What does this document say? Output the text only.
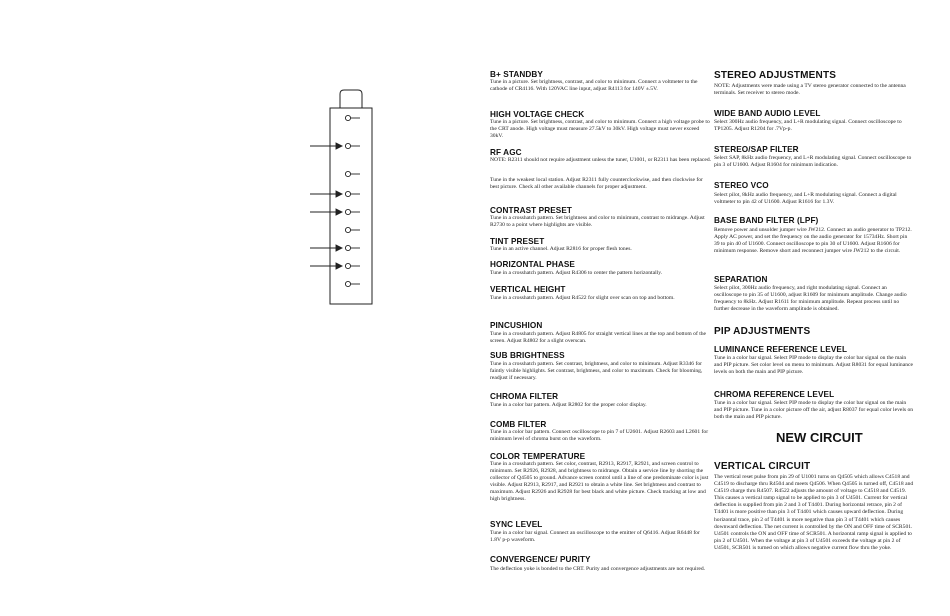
B+ STANDBY

Tune in a picture. Set brightness, contrast, and color to minimum. Connect a voltmeter to the cathode of CR4116. With 120VAC line input, adjust R4113 for 140V ±.5V.

HIGH VOLTAGE CHECK

Tune in a picture. Set brightness, contrast, and color to minimum. Connect a high voltage probe to the CRT anode. High voltage must measure 27.5kV to 30kV. High voltage must never exceed 30kV.

RF AGC

NOTE: R2311 should not require adjustment unless the tuner, U1001, or R2311 has been replaced.

Tune in the weakest local station. Adjust R2311 fully counterclockwise, and then clockwise for best picture. Check all other available channels for proper adjustment.

CONTRAST PRESET

Tune in a crosshatch pattern. Set brightness and color to minimum, contrast to midrange. Adjust R2730 to a point where highlights are visible.

TINT PRESET

Tune in an active channel. Adjust R2816 for proper flesh tones.

HORIZONTAL PHASE

Tune in a crosshatch pattern. Adjust R4306 to center the pattern horizontally.

VERTICAL HEIGHT

Tune in a crosshatch pattern. Adjust R4522 for slight over scan on top and bottom.

PINCUSHION

Tune in a crosshatch pattern. Adjust R4805 for straight vertical lines at the top and bottom of the screen. Adjust R4802 for a slight overscan.

SUB BRIGHTNESS

Tune in a crosshatch pattern. Set contrast, brightness, and color to minimum. Adjust R3346 for faintly visible highlights. Set contrast, brightness, and color to maximum. Check for blooming, readjust if necessary.

CHROMA FILTER

Tune in a color bar pattern. Adjust R2802 for the proper color display.

COMB FILTER

Tune in a color bar pattern. Connect oscilloscope to pin 7 of U2601. Adjust R2603 and L2601 for minimum level of chroma burst on the waveform.

COLOR TEMPERATURE

Tune in a crosshatch pattern. Set color, contrast, R2913, R2917, R2921, and screen control to minimum. Set R2926, R2928, and brightness to midrange. Obtain a service line by shorting the collector of Q4505 to ground. Advance screen control until a line of one predominate color is just visible. Adjust R2913, R2917, and R2921 to obtain a white line. Set brightness and contrast to maximum. Adjust R2926 and R2928 for best black and white picture. Check tracking at low and high brightness.

SYNC LEVEL

Tune in a color bar signal. Connect an oscilloscope to the emitter of Q6416. Adjust R6448 for 1.8V p-p waveform.

CONVERGENCE/ PURITY

The deflection yoke is bonded to the CRT. Purity and convergence adjustments are not required.

STEREO ADJUSTMENTS

NOTE: Adjustments were made using a TV stereo generator connected to the antenna terminals. Set receiver to stereo mode.

WIDE BAND AUDIO LEVEL

Select 300Hz audio frequency, and L+R modulating signal. Connect oscilloscope to TP1205. Adjust R1204 for .7Vp-p.

STEREO/SAP FILTER

Select SAP, 8kHz audio frequency, and L+R modulating signal. Connect oscilloscope to pin 3 of U1600. Adjust R1604 for minimum indication.

STEREO VCO

Select pilot, 8kHz audio frequency, and L+R modulating signal. Connect a digital voltmeter to pin 42 of U1600. Adjust R1616 for 1.3V.

BASE BAND FILTER (LPF)

Remove power and unsolder jumper wire JW212. Connect an audio generator to TP212. Apply AC power, and set the frequency on the audio generator for 15734Hz. Short pin 39 to pin 40 of U1600. Connect oscilloscope to pin 30 of U1600. Adjust R1606 for minimum response. Remove short and reconnect jumper wire JW212 to the circuit.

SEPARATION

Select pilot, 300Hz audio frequency, and right modulating signal. Connect an oscilloscope to pin 35 of U1600, adjust R1609 for minimum amplitude. Change audio frequency to 8kHz. Adjust R1611 for minimum amplitude. Repeat process until no further decrease in the waveform amplitude is obtained.

PIP ADJUSTMENTS
LUMINANCE REFERENCE LEVEL

Tune in a color bar signal. Select PIP mode to display the color bar signal on the main and PIP picture. Set color level on menu to minimum. Adjust R8031 for equal luminance levels on both the main and PIP picture.

CHROMA REFERENCE LEVEL

Tune in a color bar signal. Select PIP mode to display the color bar signal on the main and PIP picture. Tune in a color picture off the air, adjust R8037 for equal color levels on both the main and PIP picture.

NEW CIRCUIT
VERTICAL CIRCUIT

The vertical reset pulse from pin 29 of U1001 turns on Q4505 which allows C4518 and C4519 to discharge thru R4504 and meets Q4506. When Q4505 is turned off, C4518 and C4519 charge thru R4507. R4522 adjusts the amount of voltage to C4518 and C4519. This causes a vertical ramp signal to be applied to pin 3 of U4501. Current for vertical deflection is supplied from pin 2 and 3 of T4401. During horizontal retrace, pin 2 of T4401 is more positive than pin 3 of T4401 which causes upward deflection. During horizontal trace, pin 2 of T4401 is more negative than pin 3 of T4401 which causes downward deflection. The net current is controlled by the ON and OFF time of SCR501. U4501 controls the ON and OFF time of SCR501. A horizontal ramp signal is applied to pin 2 of U4501. When the voltage at pin 3 of U4501 exceeds the voltage at pin 2 of U4501, SCR501 is turned on which allows negative current flow thru the yoke.
